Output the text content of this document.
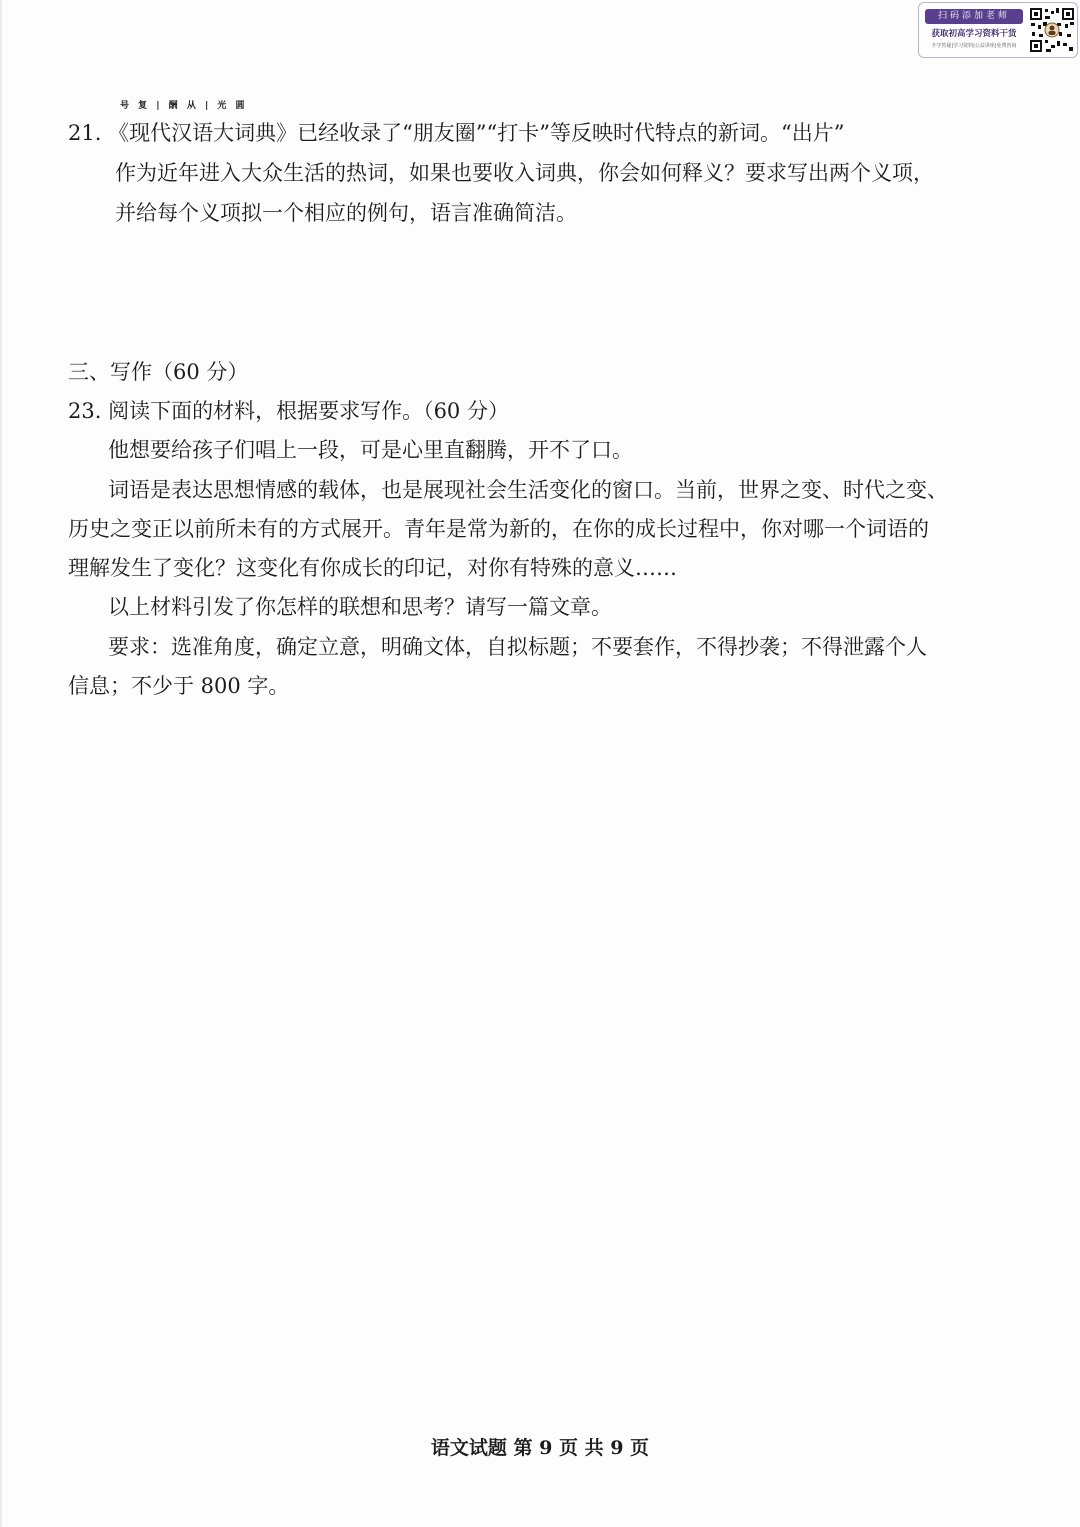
扫码添加老师
获取初高学习资料干货
升学答疑|学习资料|公益讲座|免费咨询
号 复 | 酬 从 | 光 圆
21. 《现代汉语大词典》已经收录了“朋友圈”“打卡”等反映时代特点的新词。“出片”
作为近年进入大众生活的热词，如果也要收入词典，你会如何释义？要求写出两个义项，
并给每个义项拟一个相应的例句，语言准确简洁。
三、写作（60 分）
23. 阅读下面的材料，根据要求写作。（60 分）
他想要给孩子们唱上一段，可是心里直翻腾，开不了口。
词语是表达思想情感的载体，也是展现社会生活变化的窗口。当前，世界之变、时代之变、
历史之变正以前所未有的方式展开。青年是常为新的，在你的成长过程中，你对哪一个词语的
理解发生了变化？这变化有你成长的印记，对你有特殊的意义……
以上材料引发了你怎样的联想和思考？请写一篇文章。
要求：选准角度，确定立意，明确文体，自拟标题；不要套作，不得抄袭；不得泄露个人
信息；不少于 800 字。
语文试题 第 9 页 共 9 页
